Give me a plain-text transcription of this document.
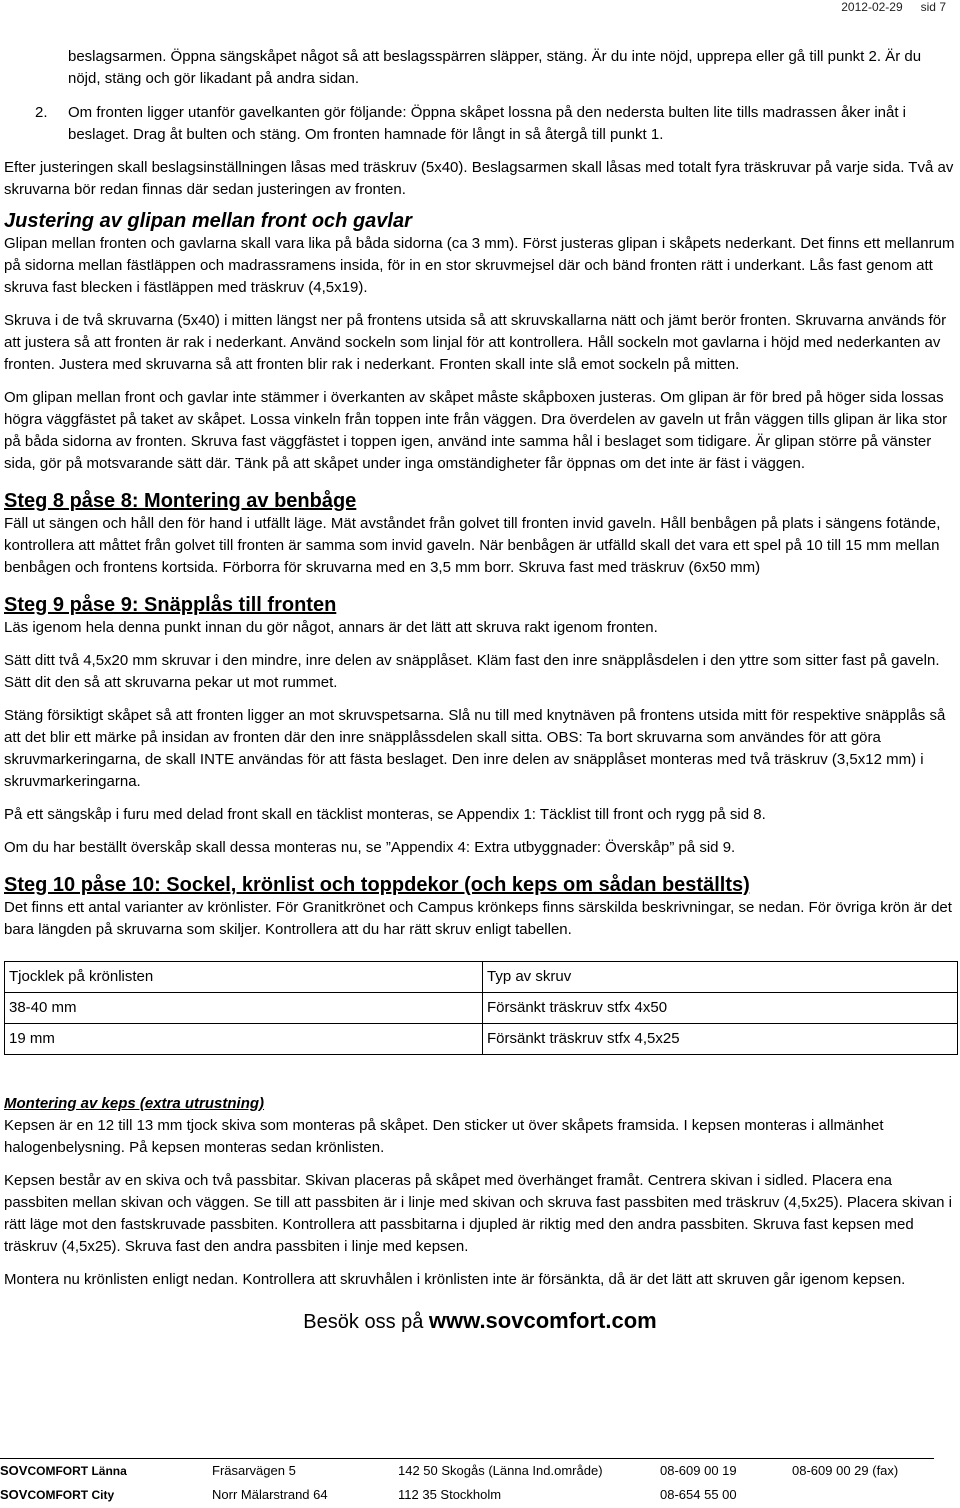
2012-02-29 sid 7

beslagsarmen. Öppna sängskåpet något så att beslagsspärren släpper, stäng. Är du inte nöjd, upprepa eller gå till punkt 2. Är du nöjd, stäng och gör likadant på andra sidan.

2.	Om fronten ligger utanför gavelkanten gör följande: Öppna skåpet lossna på den nedersta bulten lite tills madrassen åker inåt i beslaget. Drag åt bulten och stäng. Om fronten hamnade för långt in så återgå till punkt 1.

Efter justeringen skall beslagsinställningen låsas med träskruv (5x40). Beslagsarmen skall låsas med totalt fyra träskruvar på varje sida. Två av skruvarna bör redan finnas där sedan justeringen av fronten.

Justering av glipan mellan front och gavlar

Glipan mellan fronten och gavlarna skall vara lika på båda sidorna (ca 3 mm). Först justeras glipan i skåpets nederkant. Det finns ett mellanrum på sidorna mellan fästläppen och madrassramens insida, för in en stor skruvmejsel där och bänd fronten rätt i underkant. Lås fast genom att skruva fast blecken i fästläppen med träskruv (4,5x19).

Skruva i de två skruvarna (5x40) i mitten längst ner på frontens utsida så att skruvskallarna nätt och jämt berör fronten. Skruvarna används för att justera så att fronten är rak i nederkant. Använd sockeln som linjal för att kontrollera. Håll sockeln mot gavlarna i höjd med nederkanten av fronten. Justera med skruvarna så att fronten blir rak i nederkant. Fronten skall inte slå emot sockeln på mitten.

Om glipan mellan front och gavlar inte stämmer i överkanten av skåpet måste skåpboxen justeras. Om glipan är för bred på höger sida lossas högra väggfästet på taket av skåpet. Lossa vinkeln från toppen inte från väggen. Dra överdelen av gaveln ut från väggen tills glipan är lika stor på båda sidorna av fronten. Skruva fast väggfästet i toppen igen, använd inte samma hål i beslaget som tidigare. Är glipan större på vänster sida, gör på motsvarande sätt där. Tänk på att skåpet under inga omständigheter får öppnas om det inte är fäst i väggen.

Steg 8 påse 8: Montering av benbåge

Fäll ut sängen och håll den för hand i utfällt läge. Mät avståndet från golvet till fronten invid gaveln. Håll benbågen på plats i sängens fotände, kontrollera att måttet från golvet till fronten är samma som invid gaveln. När benbågen är utfälld skall det vara ett spel på 10 till 15 mm mellan benbågen och frontens kortsida. Förborra för skruvarna med en 3,5 mm borr. Skruva fast med träskruv (6x50 mm)

Steg 9 påse 9: Snäpplås till fronten

Läs igenom hela denna punkt innan du gör något, annars är det lätt att skruva rakt igenom fronten.

Sätt ditt två 4,5x20 mm skruvar i den mindre, inre delen av snäpplåset. Kläm fast den inre snäpplåsdelen i den yttre som sitter fast på gaveln. Sätt dit den så att skruvarna pekar ut mot rummet.

Stäng försiktigt skåpet så att fronten ligger an mot skruvspetsarna. Slå nu till med knytnäven på frontens utsida mitt för respektive snäpplås så att det blir ett märke på insidan av fronten där den inre snäpplåssdelen skall sitta. OBS: Ta bort skruvarna som användes för att göra skruvmarkeringarna, de skall INTE användas för att fästa beslaget. Den inre delen av snäpplåset monteras med två träskruv (3,5x12 mm) i skruvmarkeringarna.

På ett sängskåp i furu med delad front skall en täcklist monteras, se Appendix 1: Täcklist till front och rygg på sid 8.

Om du har beställt överskåp skall dessa monteras nu, se ”Appendix 4: Extra utbyggnader: Överskåp” på sid 9.

Steg 10 påse 10: Sockel, krönlist och toppdekor (och keps om sådan beställts)

Det finns ett antal varianter av krönlister. För Granitkrönet och Campus krönkeps finns särskilda beskrivningar, se nedan. För övriga krön är det bara längden på skruvarna som skiljer. Kontrollera att du har rätt skruv enligt tabellen.

Tjocklek på krönlisten	Typ av skruv
38-40 mm	Försänkt träskruv stfx 4x50
19 mm	Försänkt träskruv stfx 4,5x25
Montering av keps (extra utrustning)

Kepsen är en 12 till 13 mm tjock skiva som monteras på skåpet. Den sticker ut över skåpets framsida. I kepsen monteras i allmänhet halogenbelysning. På kepsen monteras sedan krönlisten.

Kepsen består av en skiva och två passbitar. Skivan placeras på skåpet med överhänget framåt. Centrera skivan i sidled. Placera ena passbiten mellan skivan och väggen. Se till att passbiten är i linje med skivan och skruva fast passbiten med träskruv (4,5x25). Placera skivan i rätt läge mot den fastskruvade passbiten. Kontrollera att passbitarna i djupled är riktig med den andra passbiten. Skruva fast kepsen med träskruv (4,5x25). Skruva fast den andra passbiten i linje med kepsen.

Montera nu krönlisten enligt nedan. Kontrollera att skruvhålen i krönlisten inte är försänkta, då är det lätt att skruven går igenom kepsen.

Besök oss på www.sovcomfort.com
SOVCOMFORT Länna	Fräsarvägen 5	142 50 Skogås (Länna Ind.område)	08-609 00 19	08-609 00 29 (fax)
SOVCOMFORT City	Norr Mälarstrand 64	112 35 Stockholm	08-654 55 00
